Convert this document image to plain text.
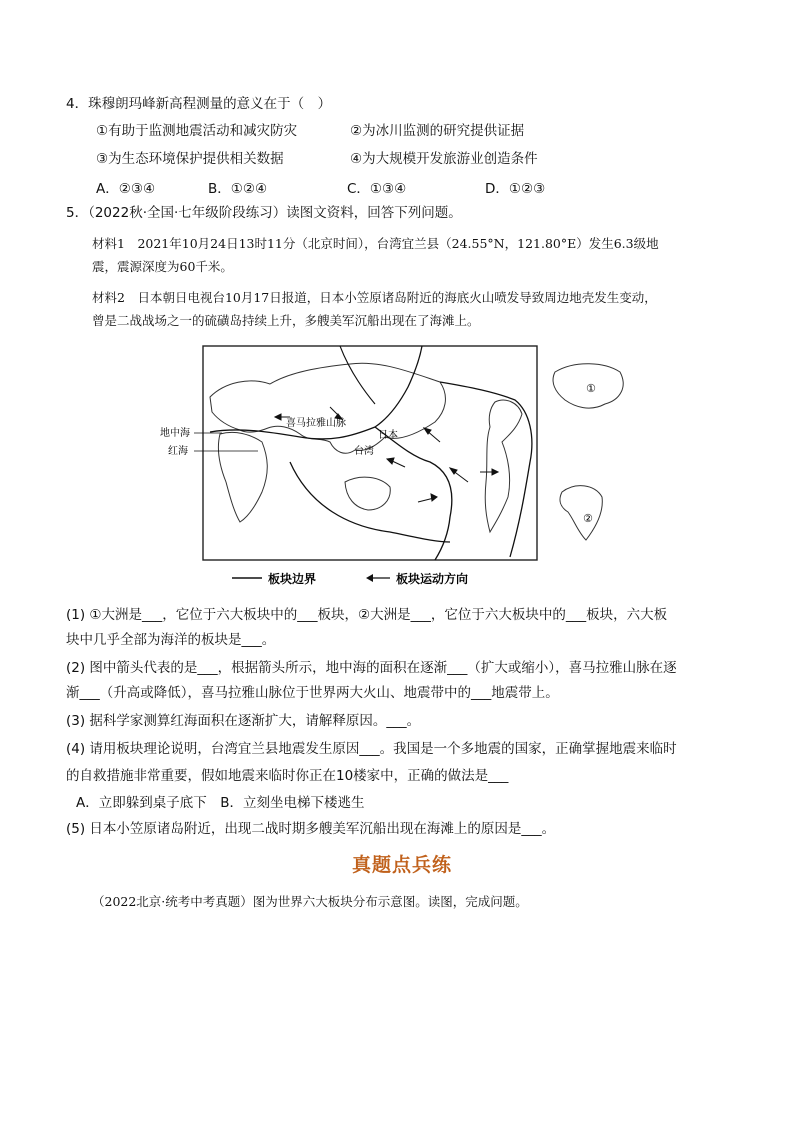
4．珠穆朗玛峰新高程测量的意义在于（　）
①有助于监测地震活动和减灾防灾	②为冰川监测的研究提供证据
③为生态环境保护提供相关数据	④为大规模开发旅游业创造条件
A．②③④	B．①②④	C．①③④	D．①②③
5．（2022秋·全国·七年级阶段练习）读图文资料，回答下列问题。
材料1　2021年10月24日13时11分（北京时间），台湾宜兰县（24.55°N，121.80°E）发生6.3级地
震，震源深度为60千米。
材料2　日本朝日电视台10月17日报道，日本小笠原诸岛附近的海底火山喷发导致周边地壳发生变动，
曾是二战战场之一的硫磺岛持续上升，多艘美军沉船出现在了海滩上。
①
②
地中海
红海
喜马拉雅山脉
日本
台湾
板块边界	板块运动方向
(1) ①大洲是___，它位于六大板块中的___板块，②大洲是___，它位于六大板块中的___板块，六大板
块中几乎全部为海洋的板块是___。
(2) 图中箭头代表的是___，根据箭头所示，地中海的面积在逐渐___（扩大或缩小），喜马拉雅山脉在逐
渐___（升高或降低），喜马拉雅山脉位于世界两大火山、地震带中的___地震带上。
(3) 据科学家测算红海面积在逐渐扩大，请解释原因。___。
(4) 请用板块理论说明，台湾宜兰县地震发生原因___。我国是一个多地震的国家，正确掌握地震来临时
的自救措施非常重要，假如地震来临时你正在10楼家中，正确的做法是___
A．立即躲到桌子底下　B．立刻坐电梯下楼逃生
(5) 日本小笠原诸岛附近，出现二战时期多艘美军沉船出现在海滩上的原因是___。
真题点兵练
（2022北京·统考中考真题）图为世界六大板块分布示意图。读图，完成问题。
